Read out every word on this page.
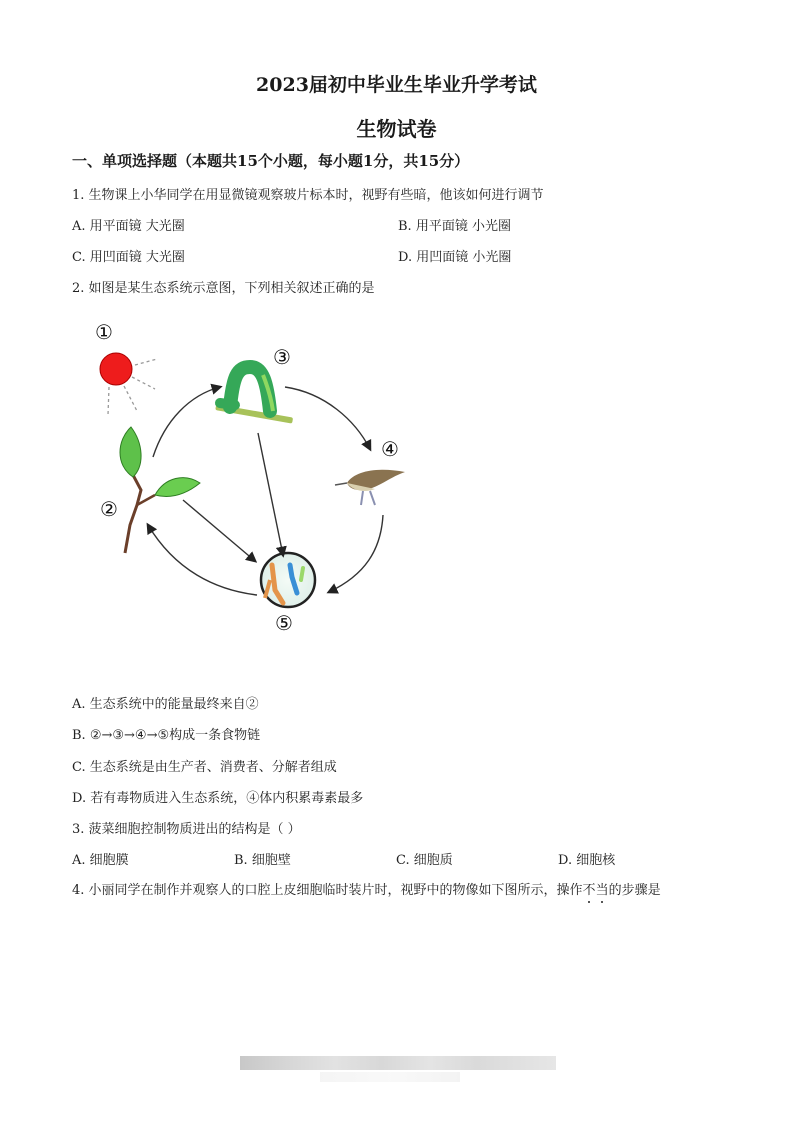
2023届初中毕业生毕业升学考试
生物试卷
一、单项选择题（本题共15个小题，每小题1分，共15分）
1. 生物课上小华同学在用显微镜观察玻片标本时，视野有些暗，他该如何进行调节
A. 用平面镜 大光圈	B. 用平面镜 小光圈
C. 用凹面镜 大光圈	D. 用凹面镜 小光圈
2. 如图是某生态系统示意图，下列相关叙述正确的是
①
②
③
④
⑤
A. 生态系统中的能量最终来自②
B. ②→③→④→⑤构成一条食物链
C. 生态系统是由生产者、消费者、分解者组成
D. 若有毒物质进入生态系统，④体内积累毒素最多
3. 菠菜细胞控制物质进出的结构是（ ）
A. 细胞膜	B. 细胞壁	C. 细胞质	D. 细胞核
4. 小丽同学在制作并观察人的口腔上皮细胞临时装片时，视野中的物像如下图所示，操作不当的步骤是
